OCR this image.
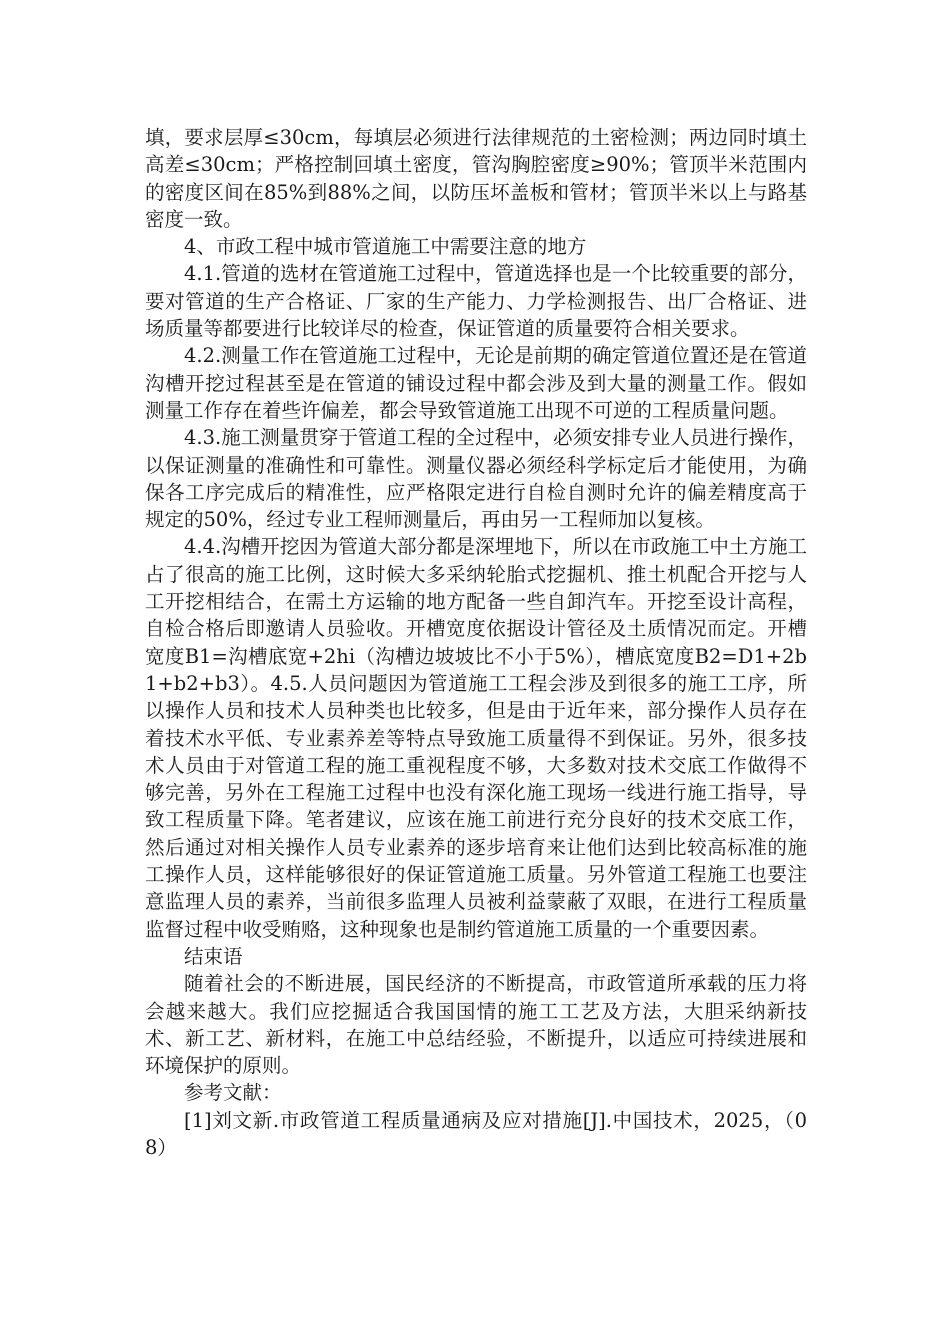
填，要求层厚≤30cm，每填层必须进行法律规范的土密检测；两边同时填土高差≤30cm；严格控制回填土密度，管沟胸腔密度≥90%；管顶半米范围内的密度区间在85%到88%之间，以防压坏盖板和管材；管顶半米以上与路基密度一致。

4、市政工程中城市管道施工中需要注意的地方

4.1.管道的选材在管道施工过程中，管道选择也是一个比较重要的部分，要对管道的生产合格证、厂家的生产能力、力学检测报告、出厂合格证、进场质量等都要进行比较详尽的检查，保证管道的质量要符合相关要求。

4.2.测量工作在管道施工过程中，无论是前期的确定管道位置还是在管道沟槽开挖过程甚至是在管道的铺设过程中都会涉及到大量的测量工作。假如测量工作存在着些许偏差，都会导致管道施工出现不可逆的工程质量问题。

4.3.施工测量贯穿于管道工程的全过程中，必须安排专业人员进行操作，以保证测量的准确性和可靠性。测量仪器必须经科学标定后才能使用，为确保各工序完成后的精准性，应严格限定进行自检自测时允许的偏差精度高于规定的50%，经过专业工程师测量后，再由另一工程师加以复核。

4.4.沟槽开挖因为管道大部分都是深埋地下，所以在市政施工中土方施工占了很高的施工比例，这时候大多采纳轮胎式挖掘机、推土机配合开挖与人工开挖相结合，在需土方运输的地方配备一些自卸汽车。开挖至设计高程，自检合格后即邀请人员验收。开槽宽度依据设计管径及土质情况而定。开槽宽度B1=沟槽底宽+2hi（沟槽边坡坡比不小于5%），槽底宽度B2=D1+2b1+b2+b3）。4.5.人员问题因为管道施工工程会涉及到很多的施工工序，所以操作人员和技术人员种类也比较多，但是由于近年来，部分操作人员存在着技术水平低、专业素养差等特点导致施工质量得不到保证。另外，很多技术人员由于对管道工程的施工重视程度不够，大多数对技术交底工作做得不够完善，另外在工程施工过程中也没有深化施工现场一线进行施工指导，导致工程质量下降。笔者建议，应该在施工前进行充分良好的技术交底工作，然后通过对相关操作人员专业素养的逐步培育来让他们达到比较高标准的施工操作人员，这样能够很好的保证管道施工质量。另外管道工程施工也要注意监理人员的素养，当前很多监理人员被利益蒙蔽了双眼，在进行工程质量监督过程中收受贿赂，这种现象也是制约管道施工质量的一个重要因素。

结束语

随着社会的不断进展，国民经济的不断提高，市政管道所承载的压力将会越来越大。我们应挖掘适合我国国情的施工工艺及方法，大胆采纳新技术、新工艺、新材料，在施工中总结经验，不断提升，以适应可持续进展和环境保护的原则。

参考文献：

[1]刘文新.市政管道工程质量通病及应对措施[J].中国技术，2025，（08）
